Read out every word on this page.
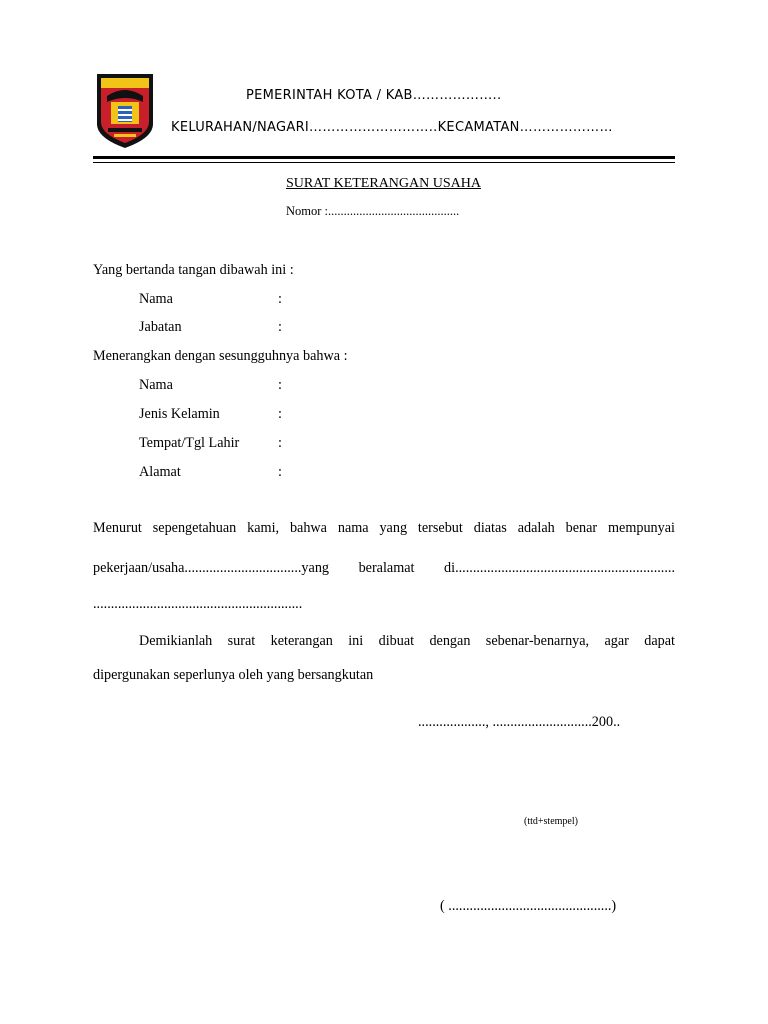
PEMERINTAH KOTA / KAB………………..
KELURAHAN/NAGARI………………………..KECAMATAN…………………
SURAT KETERANGAN USAHA
Nomor :..........................................
Yang bertanda tangan dibawah ini :
Nama	:
Jabatan	:
Menerangkan dengan sesungguhnya bahwa :
Nama	:
Jenis Kelamin	:
Tempat/Tgl Lahir	:
Alamat	:
Menurut sepengetahuan kami, bahwa nama yang tersebut diatas adalah benar mempunyai
pekerjaan/usaha.................................yang beralamat di..............................................................
...........................................................
Demikianlah surat keterangan ini dibuat dengan sebenar-benarnya, agar dapat
dipergunakan seperlunya oleh yang bersangkutan
..................., ............................200..
(ttd+stempel)
( ..............................................)
